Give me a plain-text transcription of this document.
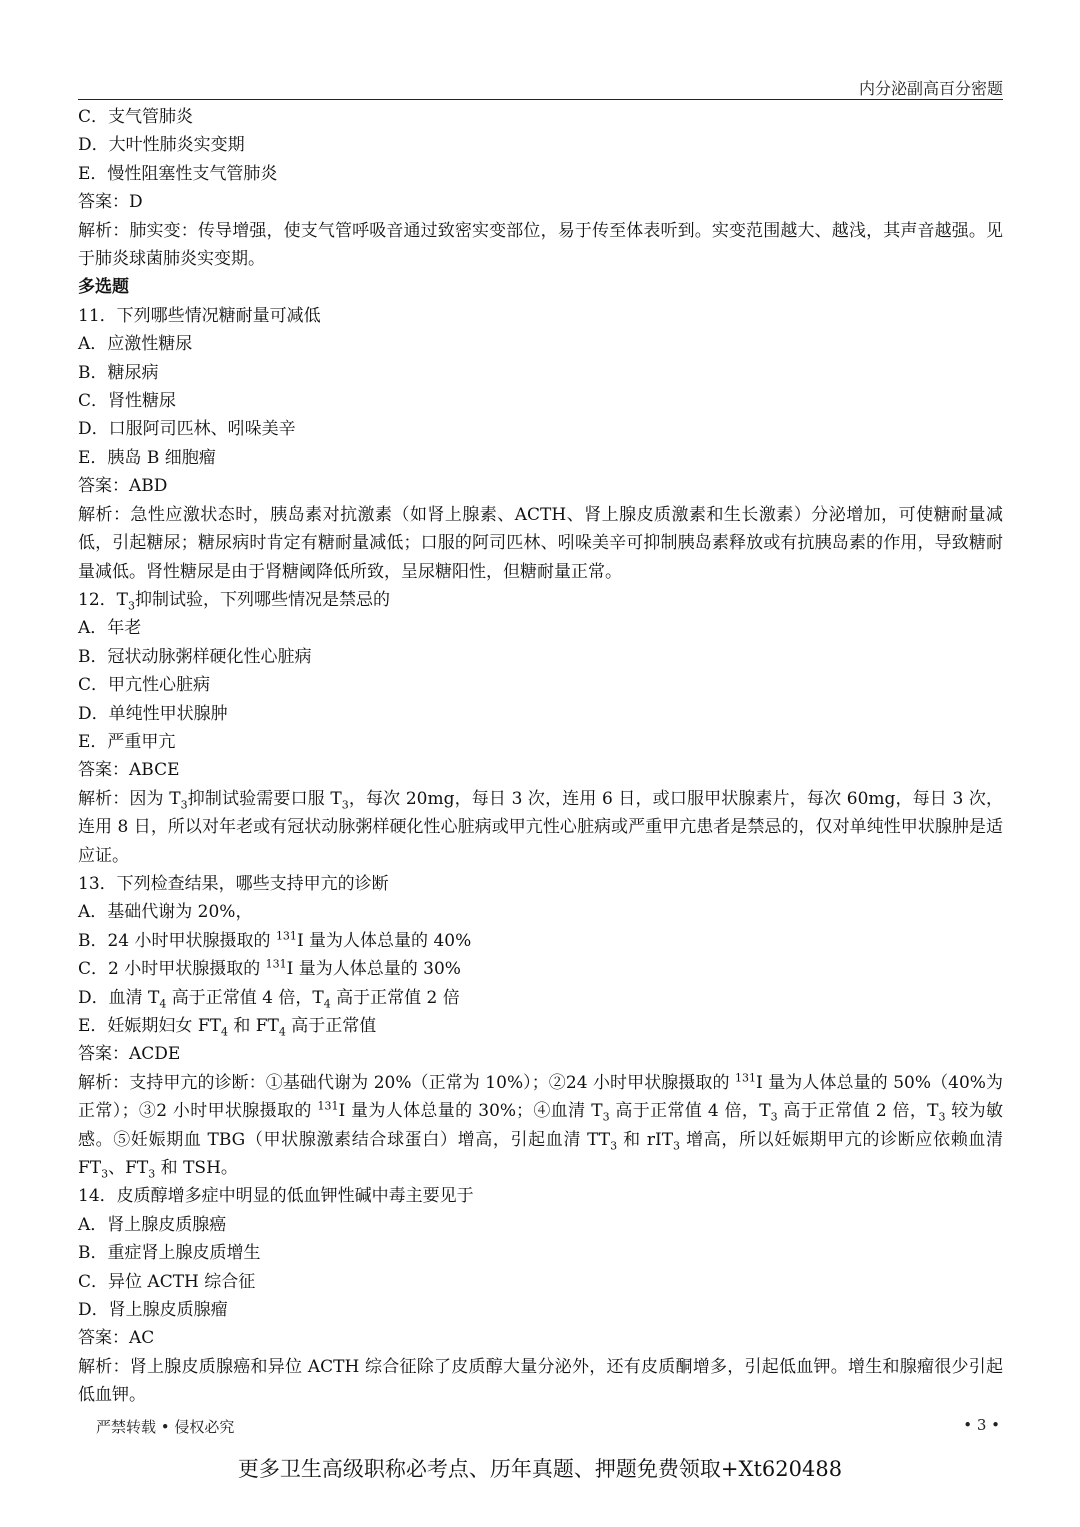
内分泌副高百分密题
C．支气管肺炎
D．大叶性肺炎实变期
E．慢性阻塞性支气管肺炎
答案：D
解析：肺实变：传导增强，使支气管呼吸音通过致密实变部位，易于传至体表听到。实变范围越大、越浅，其声音越强。见于肺炎球菌肺炎实变期。
多选题
11．下列哪些情况糖耐量可减低
A．应激性糖尿
B．糖尿病
C．肾性糖尿
D．口服阿司匹林、吲哚美辛
E．胰岛 B 细胞瘤
答案：ABD
解析：急性应激状态时，胰岛素对抗激素（如肾上腺素、ACTH、肾上腺皮质激素和生长激素）分泌增加，可使糖耐量减低，引起糖尿；糖尿病时肯定有糖耐量减低；口服的阿司匹林、吲哚美辛可抑制胰岛素释放或有抗胰岛素的作用，导致糖耐量减低。肾性糖尿是由于肾糖阈降低所致，呈尿糖阳性，但糖耐量正常。
12．$T_3$抑制试验，下列哪些情况是禁忌的
A．年老
B．冠状动脉粥样硬化性心脏病
C．甲亢性心脏病
D．单纯性甲状腺肿
E．严重甲亢
答案：ABCE
解析：因为 $T_3$抑制试验需要口服 $T_3$，每次 20mg，每日 3 次，连用 6 日，或口服甲状腺素片，每次 60mg，每日 3 次，连用 8 日，所以对年老或有冠状动脉粥样硬化性心脏病或甲亢性心脏病或严重甲亢患者是禁忌的，仅对单纯性甲状腺肿是适应证。
13．下列检查结果，哪些支持甲亢的诊断
A．基础代谢为 20%，
B．24 小时甲状腺摄取的 $^{131}$I 量为人体总量的 40%
C．2 小时甲状腺摄取的 $^{131}$I 量为人体总量的 30%
D．血清 $T_4$ 高于正常值 4 倍，$T_4$ 高于正常值 2 倍
E．妊娠期妇女 $FT_4$ 和 $FT_4$ 高于正常值
答案：ACDE
解析：支持甲亢的诊断：①基础代谢为 20%（正常为 10%）；②24 小时甲状腺摄取的 $^{131}$I 量为人体总量的 50%（40%为正常）；③2 小时甲状腺摄取的 $^{131}$I 量为人体总量的 30%；④血清 $T_3$ 高于正常值 4 倍，$T_3$ 高于正常值 2 倍，$T_3$ 较为敏感。⑤妊娠期血 TBG（甲状腺激素结合球蛋白）增高，引起血清 $TT_3$ 和 rIT$_3$ 增高，所以妊娠期甲亢的诊断应依赖血清 $FT_3$、$FT_3$ 和 TSH。
14．皮质醇增多症中明显的低血钾性碱中毒主要见于
A．肾上腺皮质腺癌
B．重症肾上腺皮质增生
C．异位 ACTH 综合征
D．肾上腺皮质腺瘤
答案：AC
解析：肾上腺皮质腺癌和异位 ACTH 综合征除了皮质醇大量分泌外，还有皮质酮增多，引起低血钾。增生和腺瘤很少引起低血钾。
严禁转载 • 侵权必究	• 3 •
更多卫生高级职称必考点、历年真题、押题免费领取+Xt620488
